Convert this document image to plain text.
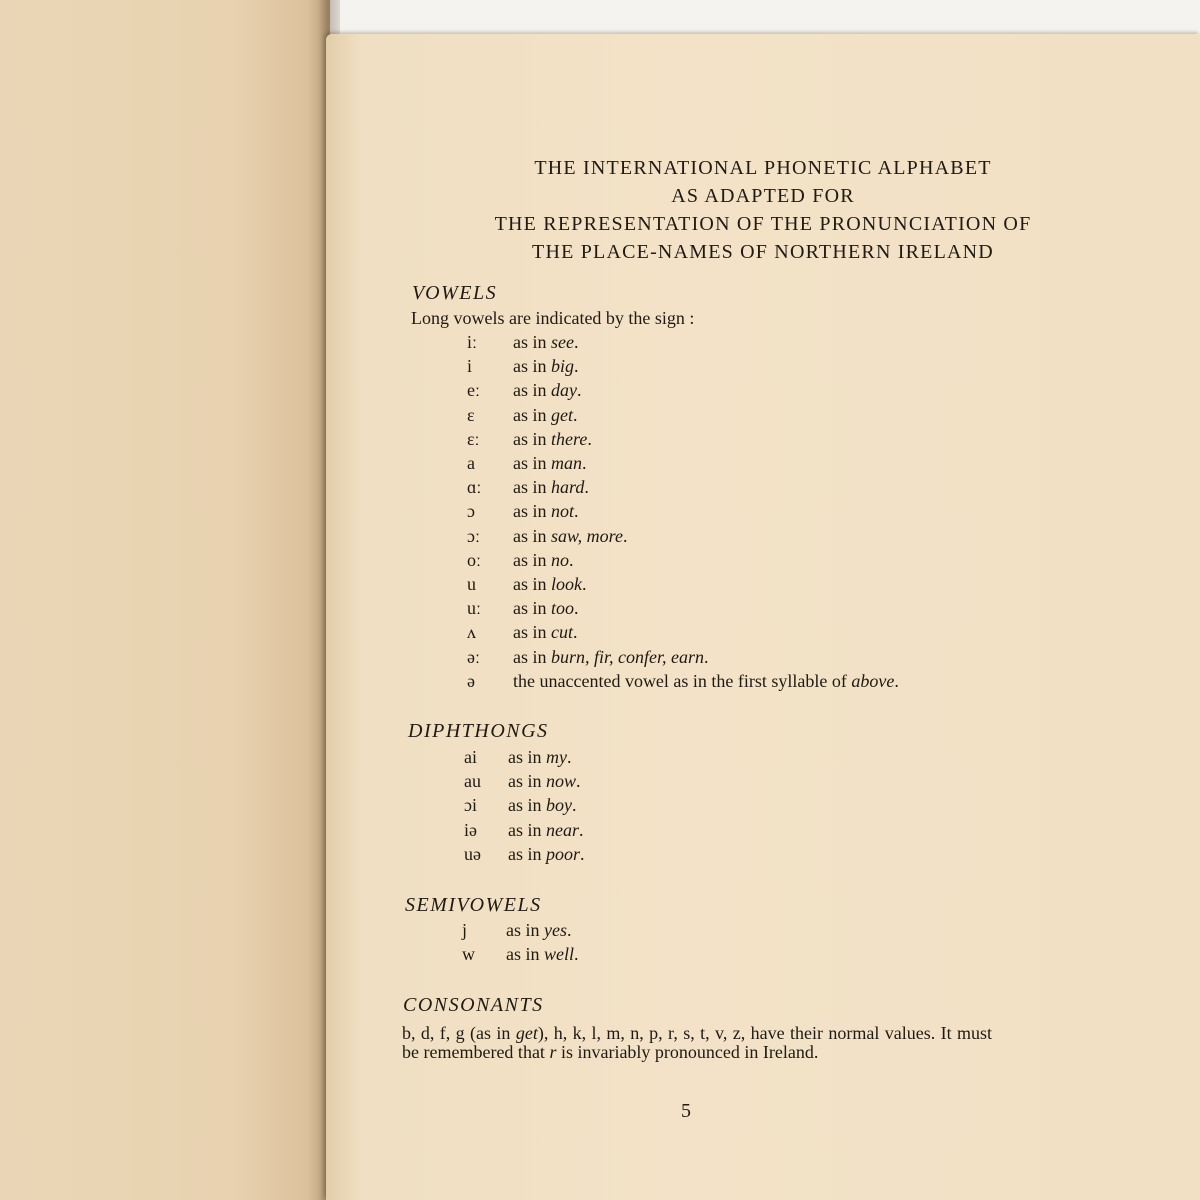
THE INTERNATIONAL PHONETIC ALPHABET
AS ADAPTED FOR
THE REPRESENTATION OF THE PRONUNCIATION OF
THE PLACE-NAMES OF NORTHERN IRELAND
VOWELS
Long vowels are indicated by the sign :
iː	as in see.
i	as in big.
eː	as in day.
ɛ	as in get.
ɛː	as in there.
a	as in man.
ɑː	as in hard.
ɔ	as in not.
ɔː	as in saw, more.
oː	as in no.
u	as in look.
uː	as in too.
ʌ	as in cut.
əː	as in burn, fir, confer, earn.
ə	the unaccented vowel as in the first syllable of above.
DIPHTHONGS
ai	as in my.
au	as in now.
ɔi	as in boy.
iə	as in near.
uə	as in poor.
SEMIVOWELS
j	as in yes.
w	as in well.
CONSONANTS
b, d, f, g (as in get), h, k, l, m, n, p, r, s, t, v, z, have their normal values. It must be remembered that r is invariably pronounced in Ireland.
5
